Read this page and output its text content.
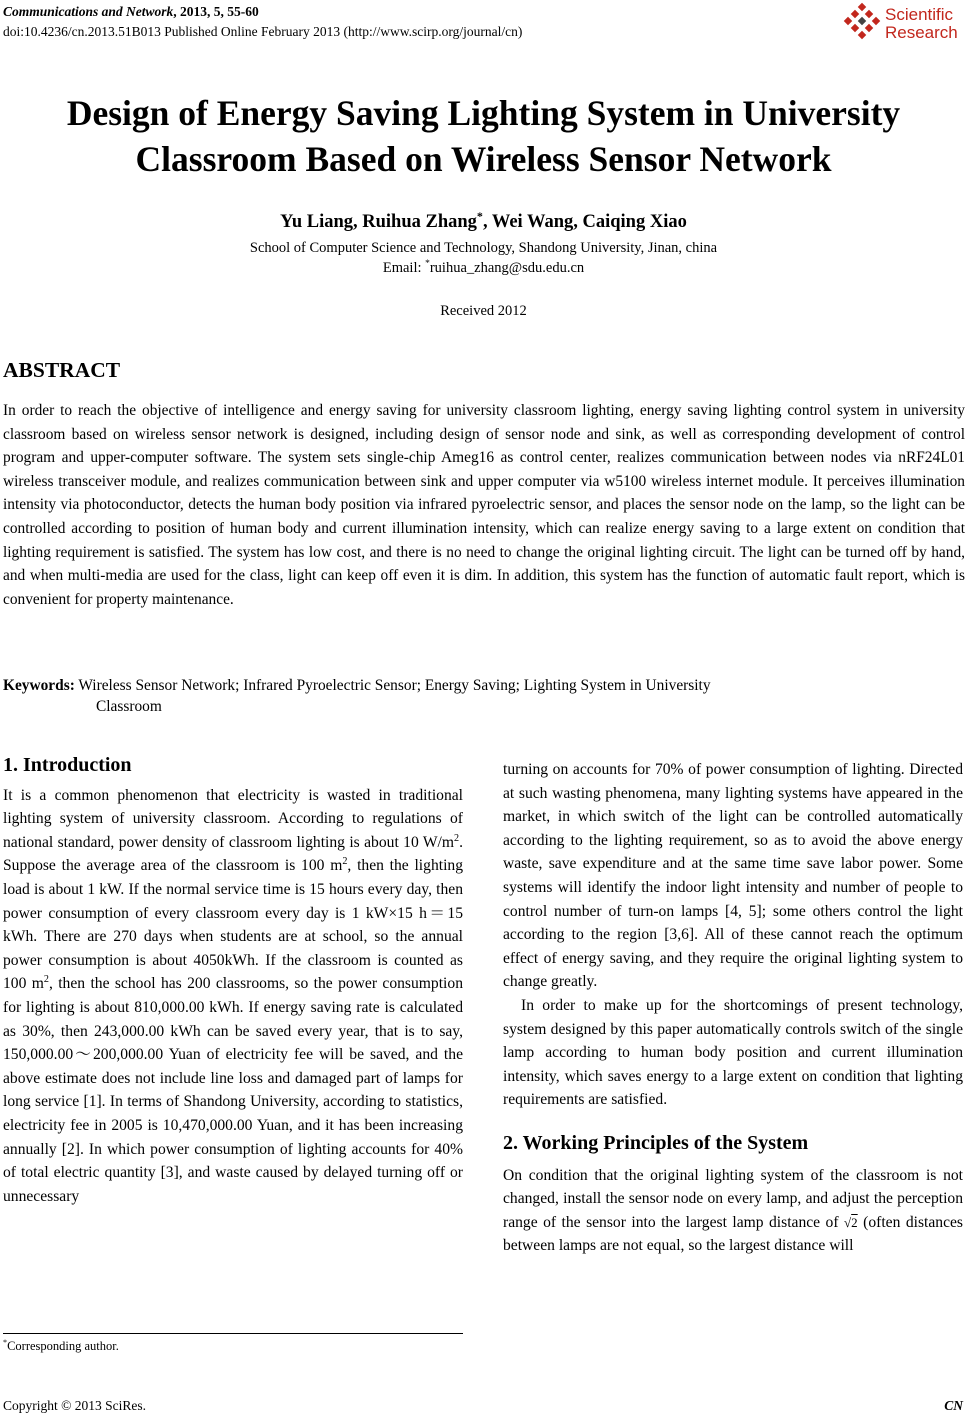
Communications and Network, 2013, 5, 55-60
doi:10.4236/cn.2013.51B013 Published Online February 2013 (http://www.scirp.org/journal/cn)
Scientific
Research
Design of Energy Saving Lighting System in University
Classroom Based on Wireless Sensor Network
Yu Liang, Ruihua Zhang*, Wei Wang, Caiqing Xiao
School of Computer Science and Technology, Shandong University, Jinan, china
Email: *ruihua_zhang@sdu.edu.cn
Received 2012
ABSTRACT
In order to reach the objective of intelligence and energy saving for university classroom lighting, energy saving lighting control system in university classroom based on wireless sensor network is designed, including design of sensor node and sink, as well as corresponding development of control program and upper-computer software. The system sets single-chip Ameg16 as control center, realizes communication between nodes via nRF24L01 wireless transceiver module, and realizes communication between sink and upper computer via w5100 wireless internet module. It perceives illumination intensity via photoconductor, detects the human body position via infrared pyroelectric sensor, and places the sensor node on the lamp, so the light can be controlled according to position of human body and current illumination intensity, which can realize energy saving to a large extent on condition that lighting requirement is satisfied. The system has low cost, and there is no need to change the original lighting circuit. The light can be turned off by hand, and when multi-media are used for the class, light can keep off even it is dim. In addition, this system has the function of automatic fault report, which is convenient for property maintenance.
Keywords: Wireless Sensor Network; Infrared Pyroelectric Sensor; Energy Saving; Lighting System in University
Classroom
1. Introduction

It is a common phenomenon that electricity is wasted in traditional lighting system of university classroom. According to regulations of national standard, power density of classroom lighting is about 10 $W/m^2$. Suppose the average area of the classroom is 100 $m^2$, then the lighting load is about 1 kW. If the normal service time is 15 hours every day, then power consumption of every classroom every day is 1 kW×15 h＝15 kWh. There are 270 days when students are at school, so the annual power consumption is about 4050kWh. If the classroom is counted as 100 $m^2$, then the school has 200 classrooms, so the power consumption for lighting is about 810,000.00 kWh. If energy saving rate is calculated as 30%, then 243,000.00 kWh can be saved every year, that is to say, 150,000.00～200,000.00 Yuan of electricity fee will be saved, and the above estimate does not include line loss and damaged part of lamps for long service [1]. In terms of Shandong University, according to statistics, electricity fee in 2005 is 10,470,000.00 Yuan, and it has been increasing annually [2]. In which power consumption of lighting accounts for 40% of total electric quantity [3], and waste caused by delayed turning off or unnecessary

turning on accounts for 70% of power consumption of lighting. Directed at such wasting phenomena, many lighting systems have appeared in the market, in which switch of the light can be controlled automatically according to the lighting requirement, so as to avoid the above energy waste, save expenditure and at the same time save labor power. Some systems will identify the indoor light intensity and number of people to control number of turn-on lamps [4, 5]; some others control the light according to the region [3,6]. All of these cannot reach the optimum effect of energy saving, and they require the original lighting system to change greatly.

In order to make up for the shortcomings of present technology, system designed by this paper automatically controls switch of the single lamp according to human body position and current illumination intensity, which saves energy to a large extent on condition that lighting requirements are satisfied.

2. Working Principles of the System

On condition that the original lighting system of the classroom is not changed, install the sensor node on every lamp, and adjust the perception range of the sensor into the largest lamp distance of √2 (often distances between lamps are not equal, so the largest distance will

*Corresponding author.
Copyright © 2013 SciRes.	CN
